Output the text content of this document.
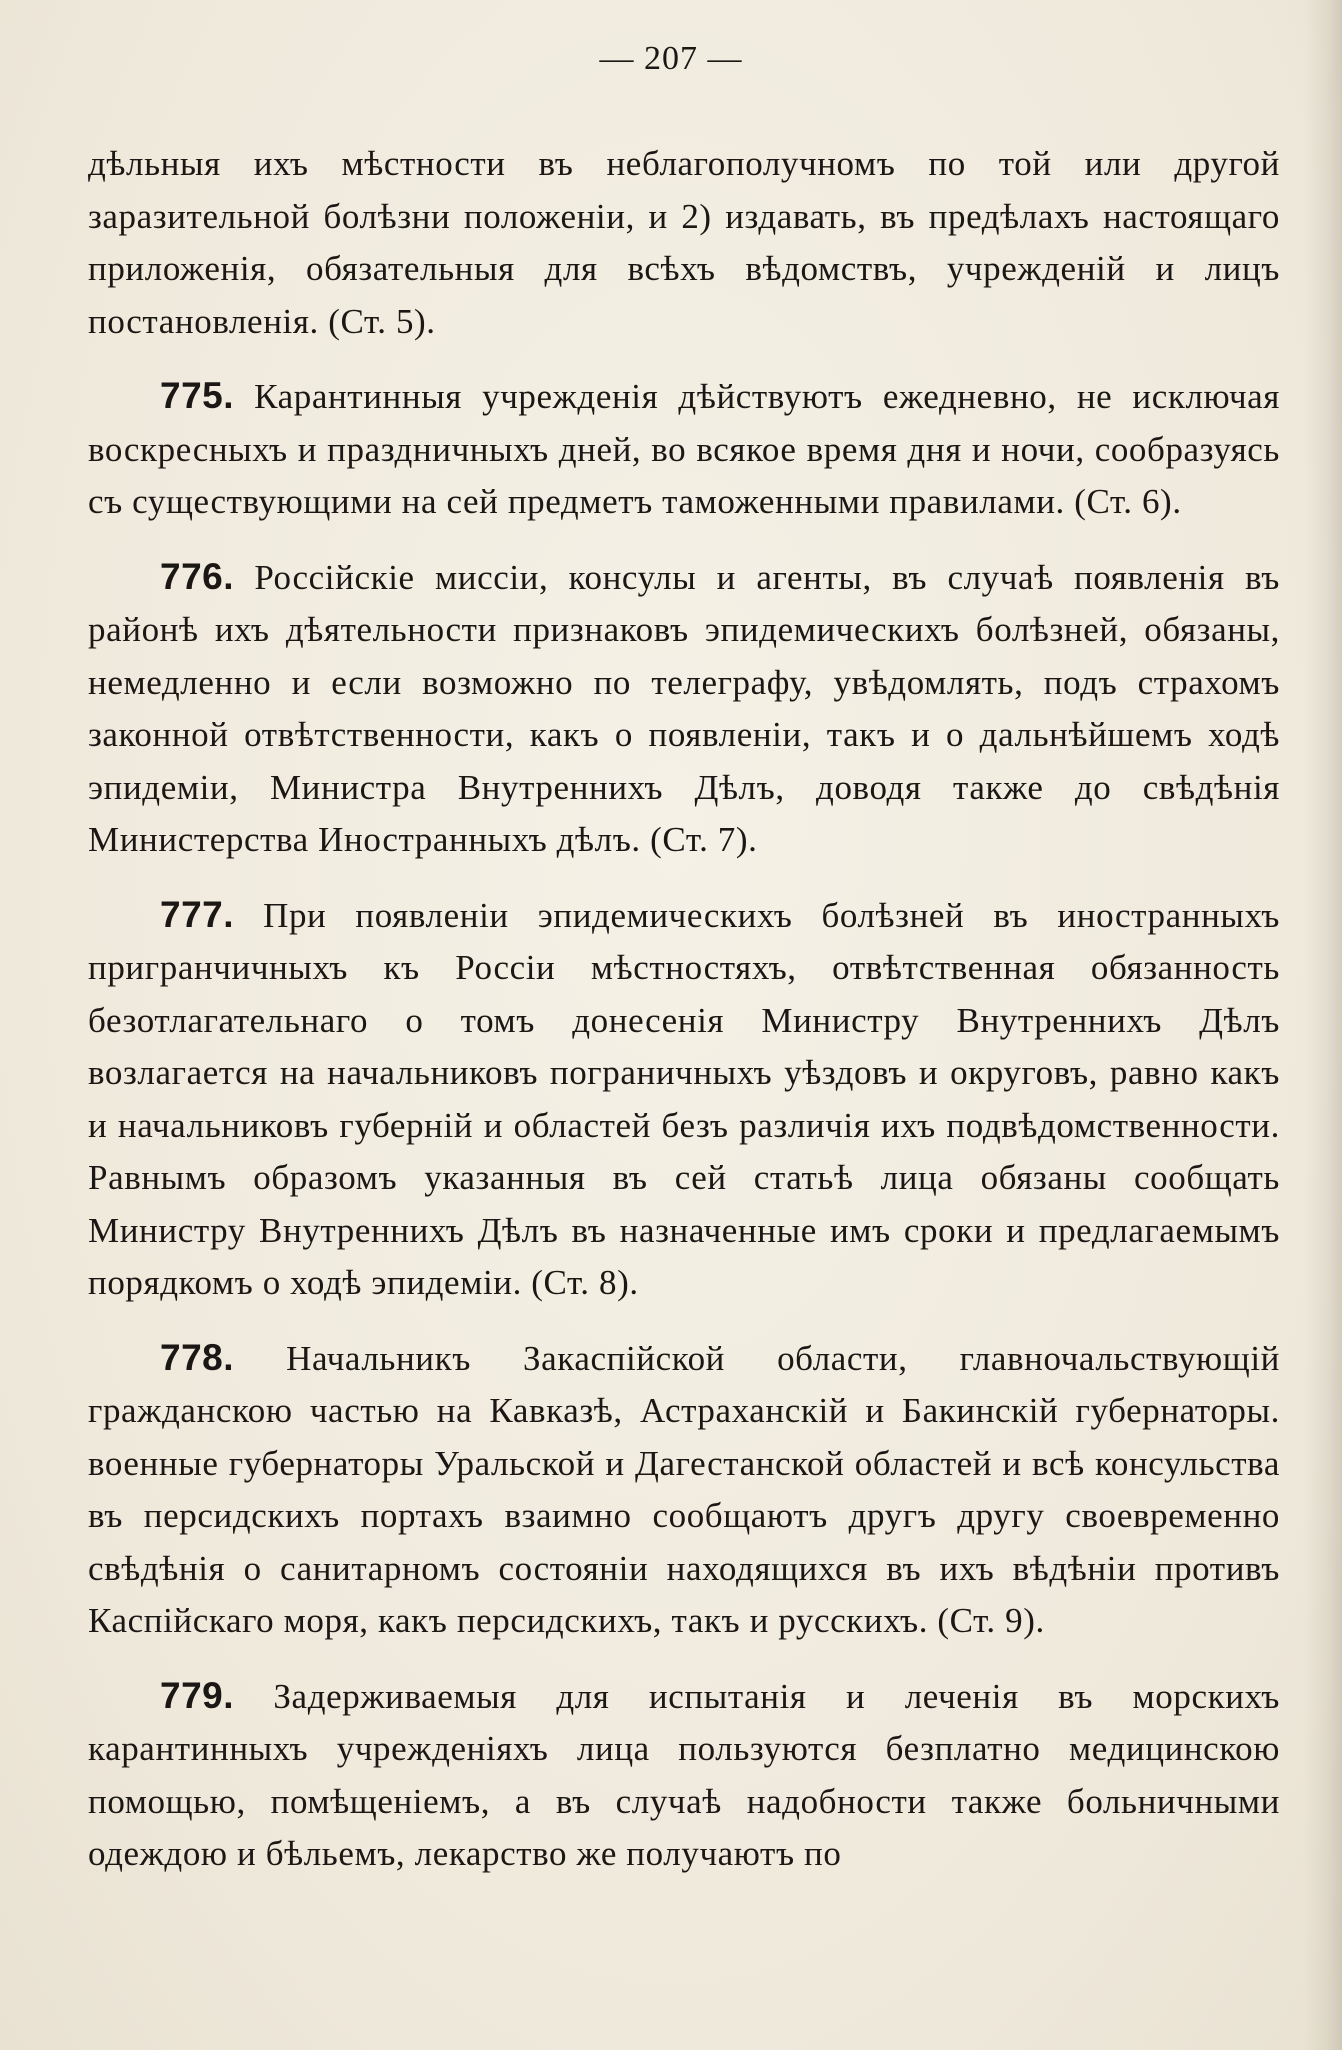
— 207 —

дѣльныя ихъ мѣстности въ неблагополучномъ по той или другой заразительной болѣзни положенiи, и 2) издавать, въ предѣлахъ настоящаго приложенiя, обязательныя для всѣхъ вѣдомствъ, учрежденiй и лицъ постановленiя. (Ст. 5).

775. Карантинныя учрежденiя дѣйствуютъ ежедневно, не исключая воскресныхъ и праздничныхъ дней, во всякое время дня и ночи, сообразуясь съ существующими на сей предметъ таможенными правилами. (Ст. 6).

776. Россiйскiе миссiи, консулы и агенты, въ случаѣ появленiя въ районѣ ихъ дѣятельности признаковъ эпидемическихъ болѣзней, обязаны, немедленно и если возможно по телеграфу, увѣдомлять, подъ страхомъ законной отвѣтственности, какъ о появленiи, такъ и о дальнѣйшемъ ходѣ эпидемiи, Министра Внутреннихъ Дѣлъ, доводя также до свѣдѣнiя Министерства Иностранныхъ дѣлъ. (Ст. 7).

777. При появленiи эпидемическихъ болѣзней въ иностранныхъ пригранчичныхъ къ Россiи мѣстностяхъ, отвѣтственная обязанность безотлагательнаго о томъ донесенiя Министру Внутреннихъ Дѣлъ возлагается на начальниковъ пограничныхъ уѣздовъ и округовъ, равно какъ и начальниковъ губернiй и областей безъ различiя ихъ подвѣдомственности. Равнымъ образомъ указанныя въ сей статьѣ лица обязаны сообщать Министру Внутреннихъ Дѣлъ въ назначенные имъ сроки и предлагаемымъ порядкомъ о ходѣ эпидемiи. (Ст. 8).

778. Начальникъ Закаспiйской области, главночальствующiй гражданскою частью на Кавказѣ, Астраханскiй и Бакинскiй губернаторы. военные губернаторы Уральской и Дагестанской областей и всѣ консульства въ персидскихъ портахъ взаимно сообщаютъ другъ другу своевременно свѣдѣнiя о санитарномъ состоянiи находящихся въ ихъ вѣдѣнiи противъ Каспiйскаго моря, какъ персидскихъ, такъ и русскихъ. (Ст. 9).

779. Задерживаемыя для испытанiя и леченiя въ морскихъ карантинныхъ учрежденiяхъ лица пользуются безплатно медицинскою помощью, помѣщенiемъ, а въ случаѣ надобности также больничными одеждою и бѣльемъ, лекарство же получаютъ по
